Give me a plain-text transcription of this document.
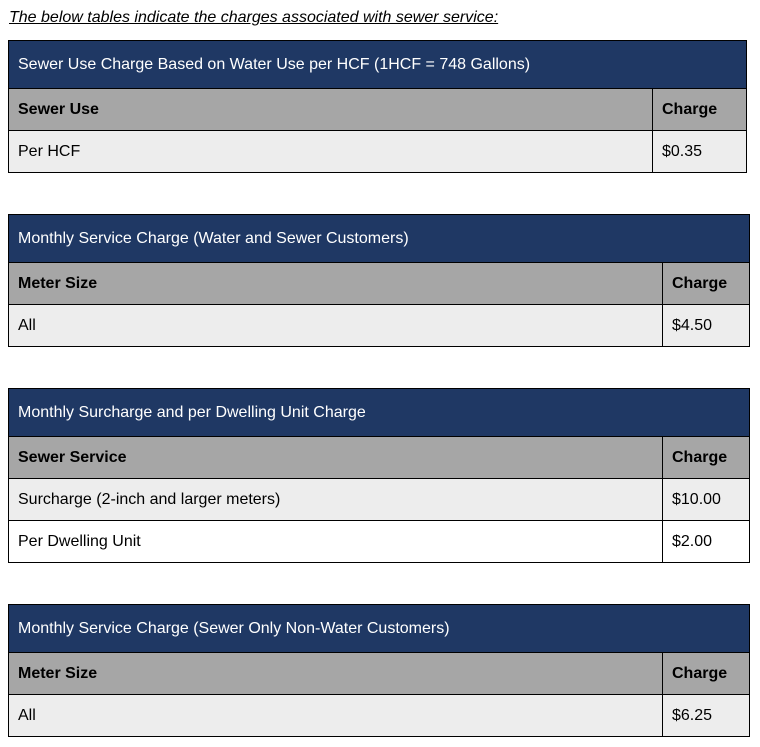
The below tables indicate the charges associated with sewer service:
Sewer Use Charge Based on Water Use per HCF (1HCF = 748 Gallons)	
Sewer Use	Charge
Per HCF	$0.35
Monthly Service Charge (Water and Sewer Customers)	
Meter Size	Charge
All	$4.50
Monthly Surcharge and per Dwelling Unit Charge	
Sewer Service	Charge
Surcharge (2-inch and larger meters)	$10.00
Per Dwelling Unit	$2.00
Monthly Service Charge (Sewer Only Non-Water Customers)	
Meter Size	Charge
All	$6.25
